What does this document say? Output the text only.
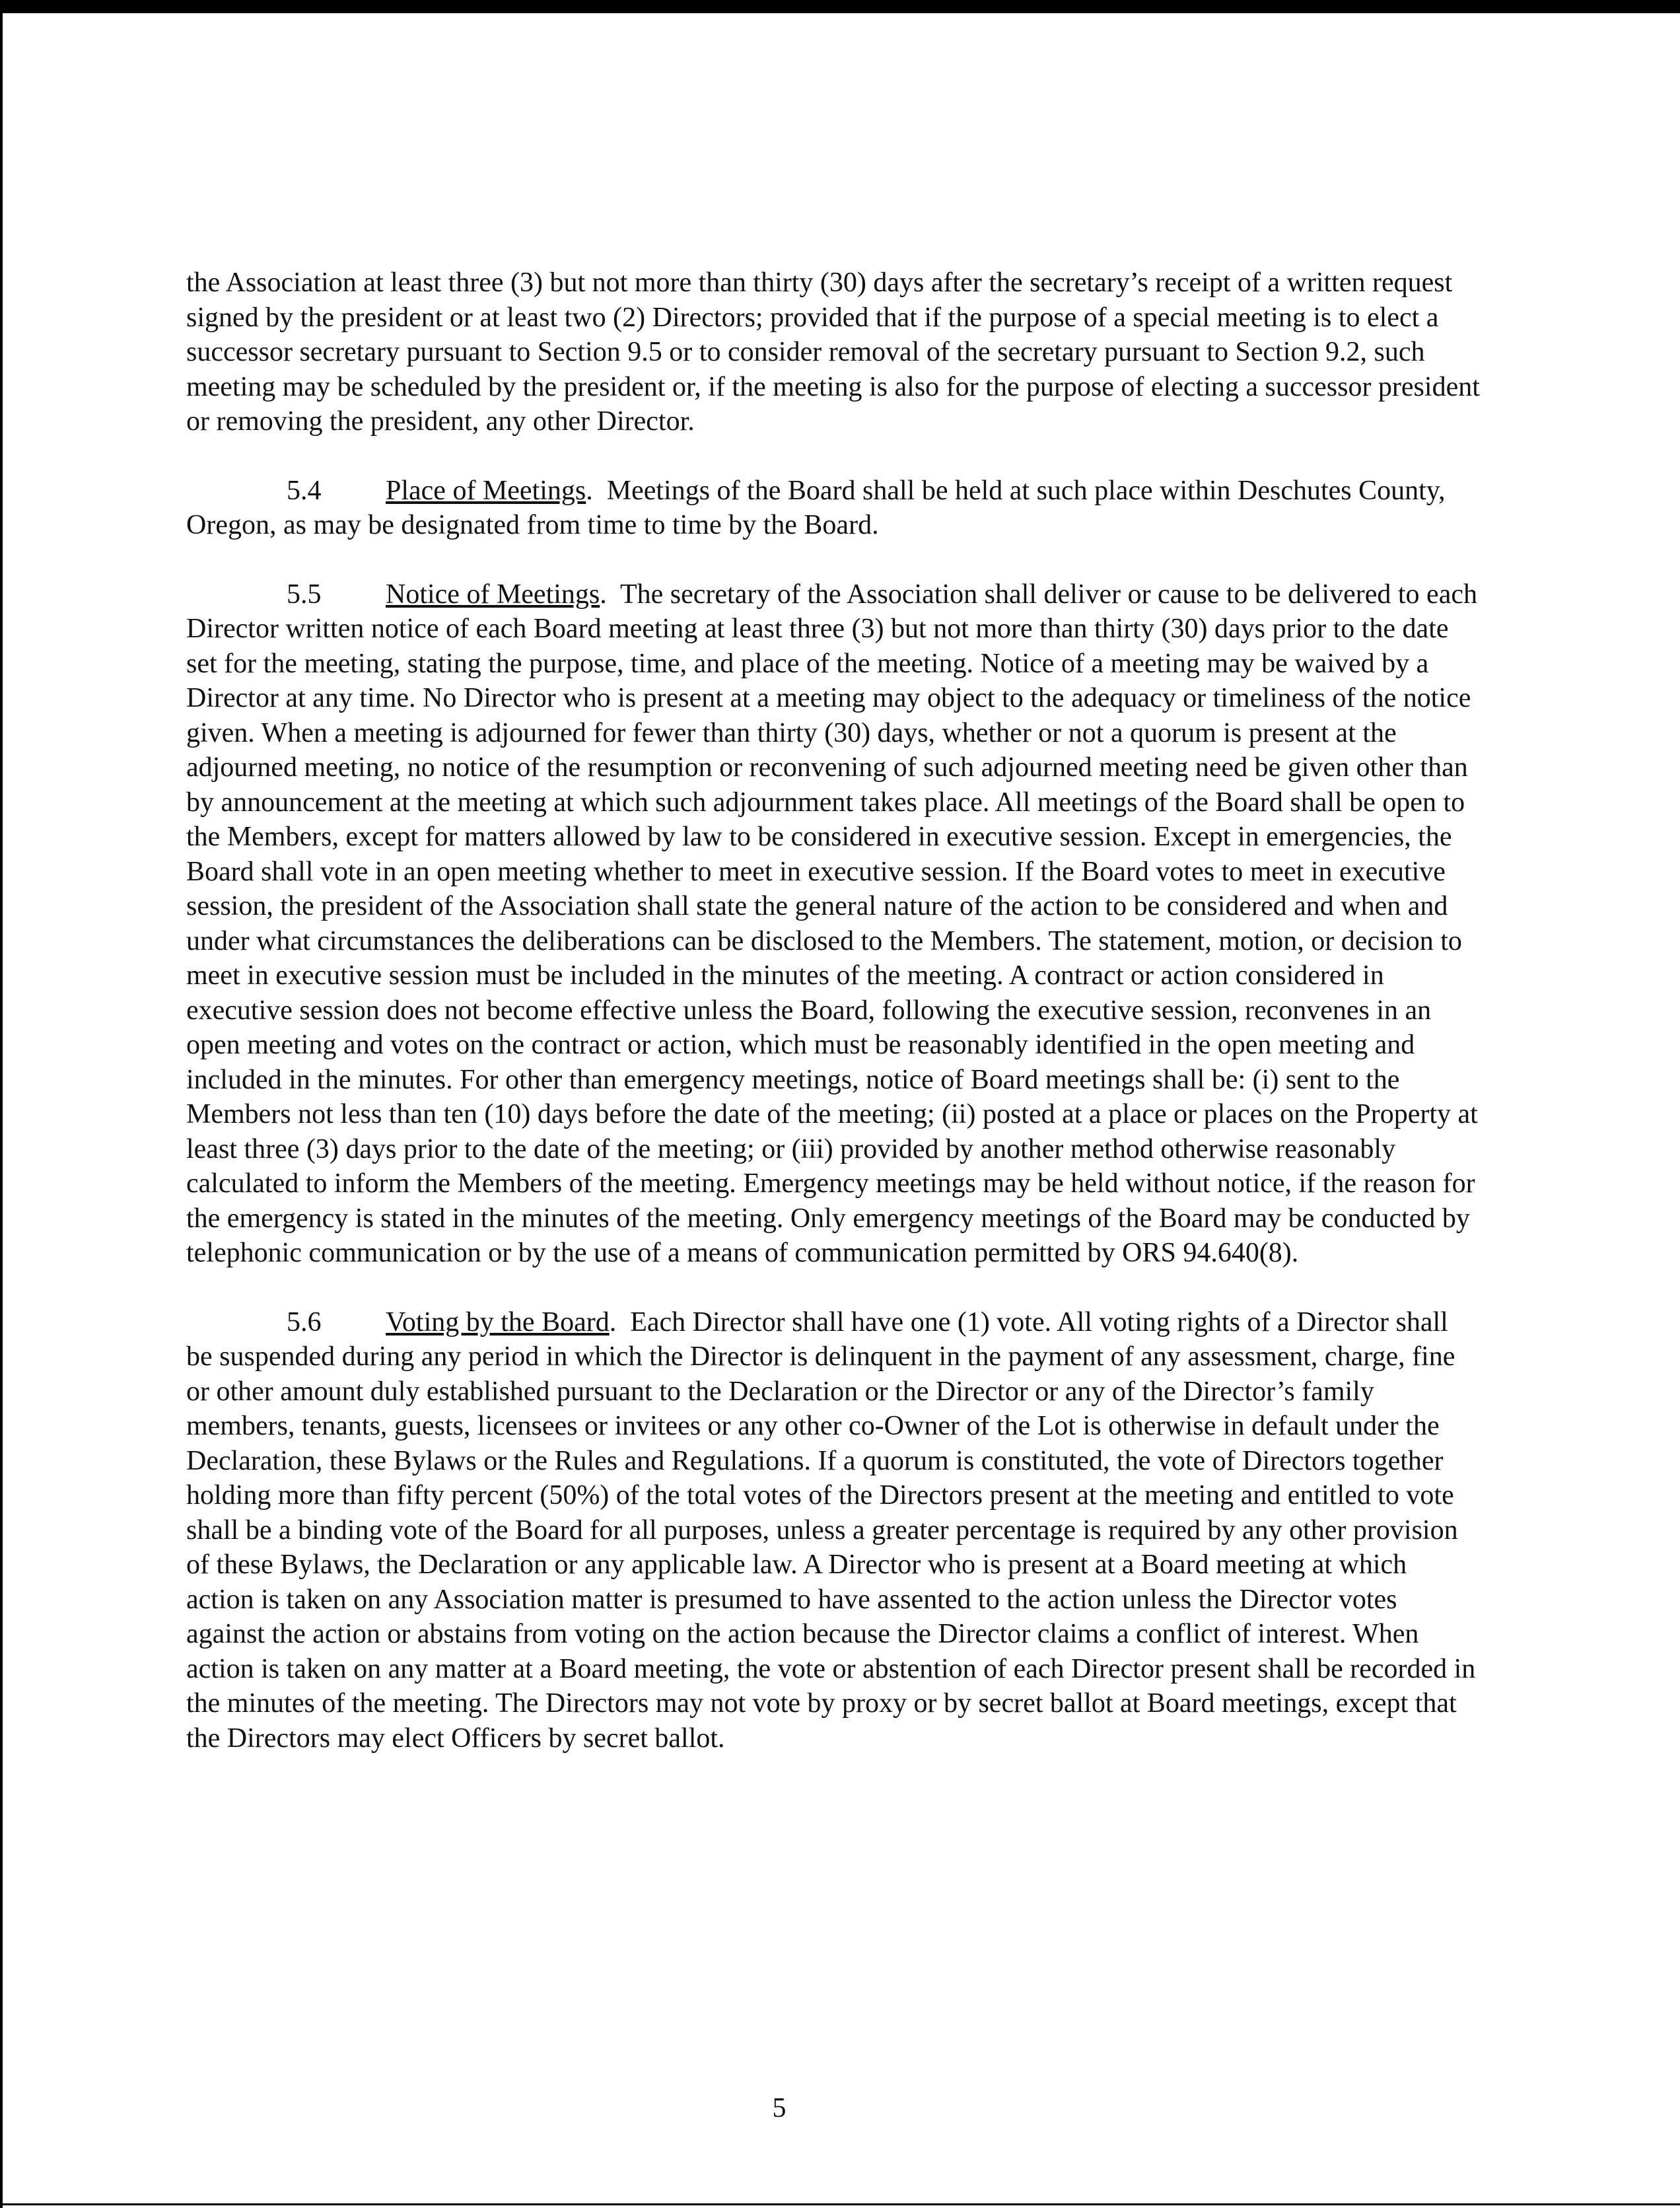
the Association at least three (3) but not more than thirty (30) days after the secretary’s receipt of a written request signed by the president or at least two (2) Directors; provided that if the purpose of a special meeting is to elect a successor secretary pursuant to Section 9.5 or to consider removal of the secretary pursuant to Section 9.2, such meeting may be scheduled by the president or, if the meeting is also for the purpose of electing a successor president or removing the president, any other Director.

5.4 Place of Meetings.  Meetings of the Board shall be held at such place within Deschutes County, Oregon, as may be designated from time to time by the Board.

5.5 Notice of Meetings.  The secretary of the Association shall deliver or cause to be delivered to each Director written notice of each Board meeting at least three (3) but not more than thirty (30) days prior to the date set for the meeting, stating the purpose, time, and place of the meeting. Notice of a meeting may be waived by a Director at any time. No Director who is present at a meeting may object to the adequacy or timeliness of the notice given. When a meeting is adjourned for fewer than thirty (30) days, whether or not a quorum is present at the adjourned meeting, no notice of the resumption or reconvening of such adjourned meeting need be given other than by announcement at the meeting at which such adjournment takes place. All meetings of the Board shall be open to the Members, except for matters allowed by law to be considered in executive session. Except in emergencies, the Board shall vote in an open meeting whether to meet in executive session. If the Board votes to meet in executive session, the president of the Association shall state the general nature of the action to be considered and when and under what circumstances the deliberations can be disclosed to the Members. The statement, motion, or decision to meet in executive session must be included in the minutes of the meeting. A contract or action considered in executive session does not become effective unless the Board, following the executive session, reconvenes in an open meeting and votes on the contract or action, which must be reasonably identified in the open meeting and included in the minutes. For other than emergency meetings, notice of Board meetings shall be: (i) sent to the Members not less than ten (10) days before the date of the meeting; (ii) posted at a place or places on the Property at least three (3) days prior to the date of the meeting; or (iii) provided by another method otherwise reasonably calculated to inform the Members of the meeting. Emergency meetings may be held without notice, if the reason for the emergency is stated in the minutes of the meeting. Only emergency meetings of the Board may be conducted by telephonic communication or by the use of a means of communication permitted by ORS 94.640(8).

5.6 Voting by the Board.  Each Director shall have one (1) vote. All voting rights of a Director shall be suspended during any period in which the Director is delinquent in the payment of any assessment, charge, fine or other amount duly established pursuant to the Declaration or the Director or any of the Director’s family members, tenants, guests, licensees or invitees or any other co-Owner of the Lot is otherwise in default under the Declaration, these Bylaws or the Rules and Regulations. If a quorum is constituted, the vote of Directors together holding more than fifty percent (50%) of the total votes of the Directors present at the meeting and entitled to vote shall be a binding vote of the Board for all purposes, unless a greater percentage is required by any other provision of these Bylaws, the Declaration or any applicable law. A Director who is present at a Board meeting at which action is taken on any Association matter is presumed to have assented to the action unless the Director votes against the action or abstains from voting on the action because the Director claims a conflict of interest. When action is taken on any matter at a Board meeting, the vote or abstention of each Director present shall be recorded in the minutes of the meeting. The Directors may not vote by proxy or by secret ballot at Board meetings, except that the Directors may elect Officers by secret ballot.

5
